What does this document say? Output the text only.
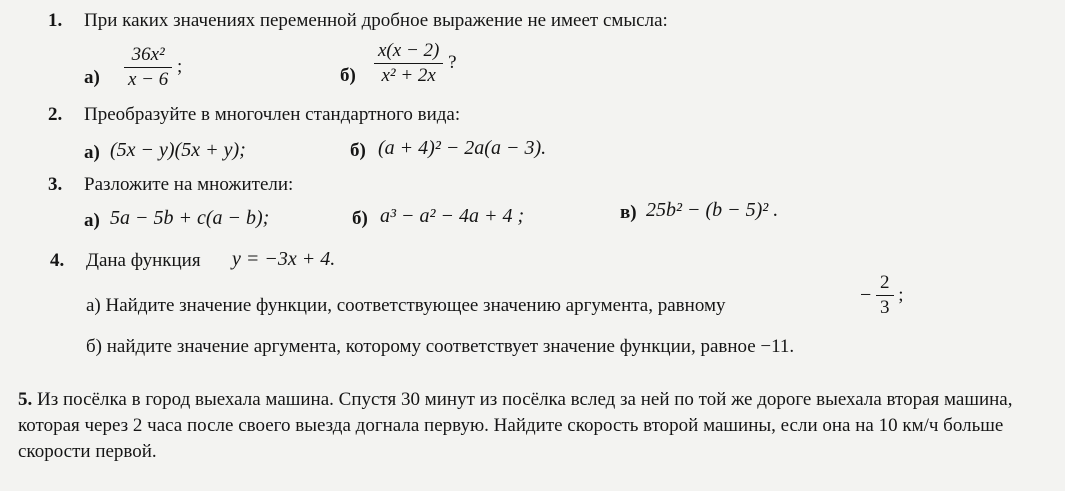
1. При каких значениях переменной дробное выражение не имеет смысла:
$а) \frac{\text{36x²}}{x - 6}$ ;	$б) \frac{x(x - 2)}{\text{x² + 2x}}$ ?
2. Преобразуйте в многочлен стандартного вида:
а) (5x − y)(5x + y);	б) (a + 4)² − 2a(a − 3).
3. Разложите на множители:
а) 5a − 5b + c(a − b);	б) a³ − a² − 4a + 4 ;	в) 25b² − (b − 5)² .
4. Дана функция y = −3x + 4.
а) Найдите значение функции, соответствующее значению аргумента, равному	− $\frac{2}{3}$ ;
б) найдите значение аргумента, которому соответствует значение функции, равное −11.
5. Из посёлка в город выехала машина. Спустя 30 минут из посёлка вслед за ней по той же дороге выехала вторая машина, которая через 2 часа после своего выезда догнала первую. Найдите скорость второй машины, если она на 10 км/ч больше скорости первой.
